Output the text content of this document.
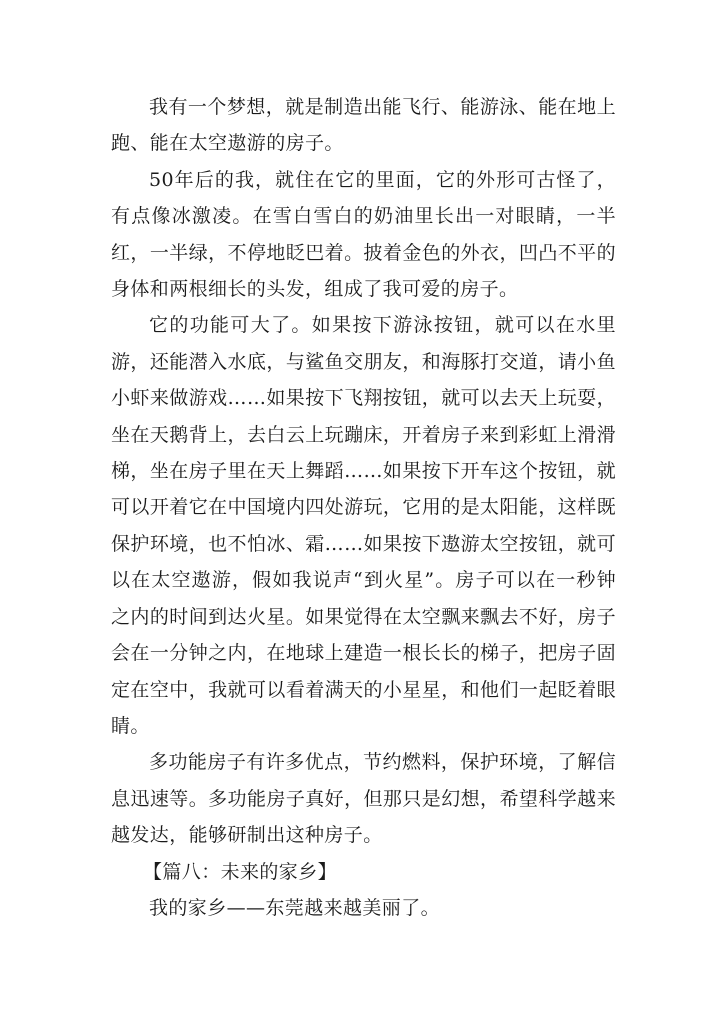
我有一个梦想，就是制造出能飞行、能游泳、能在地上跑、能在太空遨游的房子。

50年后的我，就住在它的里面，它的外形可古怪了，有点像冰激凌。在雪白雪白的奶油里长出一对眼睛，一半红，一半绿，不停地眨巴着。披着金色的外衣，凹凸不平的身体和两根细长的头发，组成了我可爱的房子。

它的功能可大了。如果按下游泳按钮，就可以在水里游，还能潜入水底，与鲨鱼交朋友，和海豚打交道，请小鱼小虾来做游戏……如果按下飞翔按钮，就可以去天上玩耍，坐在天鹅背上，去白云上玩蹦床，开着房子来到彩虹上滑滑梯，坐在房子里在天上舞蹈……如果按下开车这个按钮，就可以开着它在中国境内四处游玩，它用的是太阳能，这样既保护环境，也不怕冰、霜……如果按下遨游太空按钮，就可以在太空遨游，假如我说声“到火星”。房子可以在一秒钟之内的时间到达火星。如果觉得在太空飘来飘去不好，房子会在一分钟之内，在地球上建造一根长长的梯子，把房子固定在空中，我就可以看着满天的小星星，和他们一起眨着眼睛。

多功能房子有许多优点，节约燃料，保护环境，了解信息迅速等。多功能房子真好，但那只是幻想，希望科学越来越发达，能够研制出这种房子。

【篇八：未来的家乡】

我的家乡——东莞越来越美丽了。
